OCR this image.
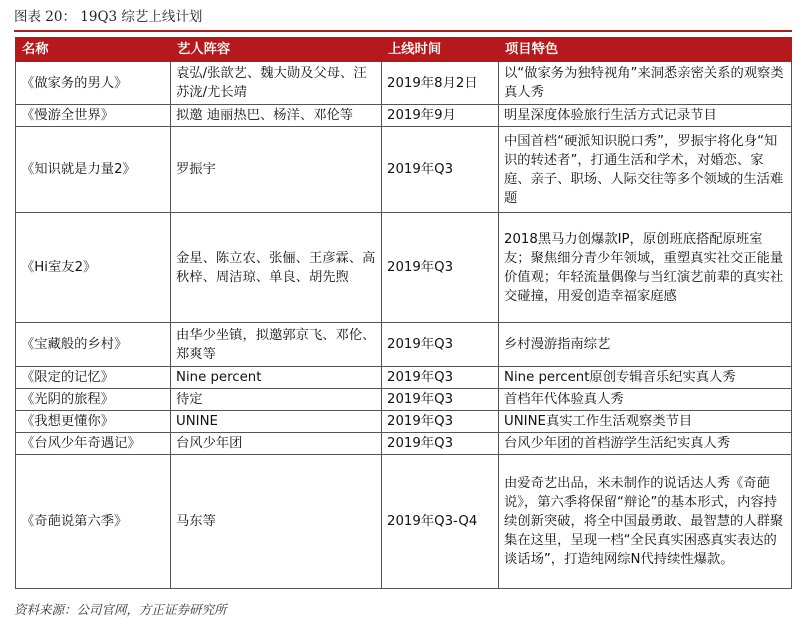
图表 20： 19Q3 综艺上线计划
名称	艺人阵容	上线时间	项目特色
《做家务的男人》	袁弘/张歆艺、魏大勋及父母、汪苏泷/尤长靖	2019年8月2日	以“做家务为独特视角”来洞悉亲密关系的观察类真人秀
《慢游全世界》	拟邀 迪丽热巴、杨洋、邓伦等	2019年9月	明星深度体验旅行生活方式记录节目
《知识就是力量2》	罗振宇	2019年Q3	中国首档“硬派知识脱口秀”，罗振宇将化身“知识的转述者”，打通生活和学术，对婚恋、家庭、亲子、职场、人际交往等多个领域的生活难题
《Hi室友2》	金星、陈立农、张俪、王彦霖、高秋梓、周洁琼、单良、胡先煦	2019年Q3	2018黑马力创爆款IP，原创班底搭配原班室友；聚焦细分青少年领域，重塑真实社交正能量价值观；年轻流量偶像与当红演艺前辈的真实社交碰撞，用爱创造幸福家庭感
《宝藏般的乡村》	由华少坐镇，拟邀郭京飞、邓伦、郑爽等	2019年Q3	乡村漫游指南综艺
《限定的记忆》	Nine percent	2019年Q3	Nine percent原创专辑音乐纪实真人秀
《光阴的旅程》	待定	2019年Q3	首档年代体验真人秀
《我想更懂你》	UNINE	2019年Q3	UNINE真实工作生活观察类节目
《台风少年奇遇记》	台风少年团	2019年Q3	台风少年团的首档游学生活纪实真人秀
《奇葩说第六季》	马东等	2019年Q3-Q4	由爱奇艺出品，米未制作的说话达人秀《奇葩说》，第六季将保留“辩论”的基本形式，内容持续创新突破，将全中国最勇敢、最智慧的人群聚集在这里，呈现一档“全民真实困惑真实表达的谈话场”，打造纯网综N代持续性爆款。
资料来源：公司官网，方正证券研究所
